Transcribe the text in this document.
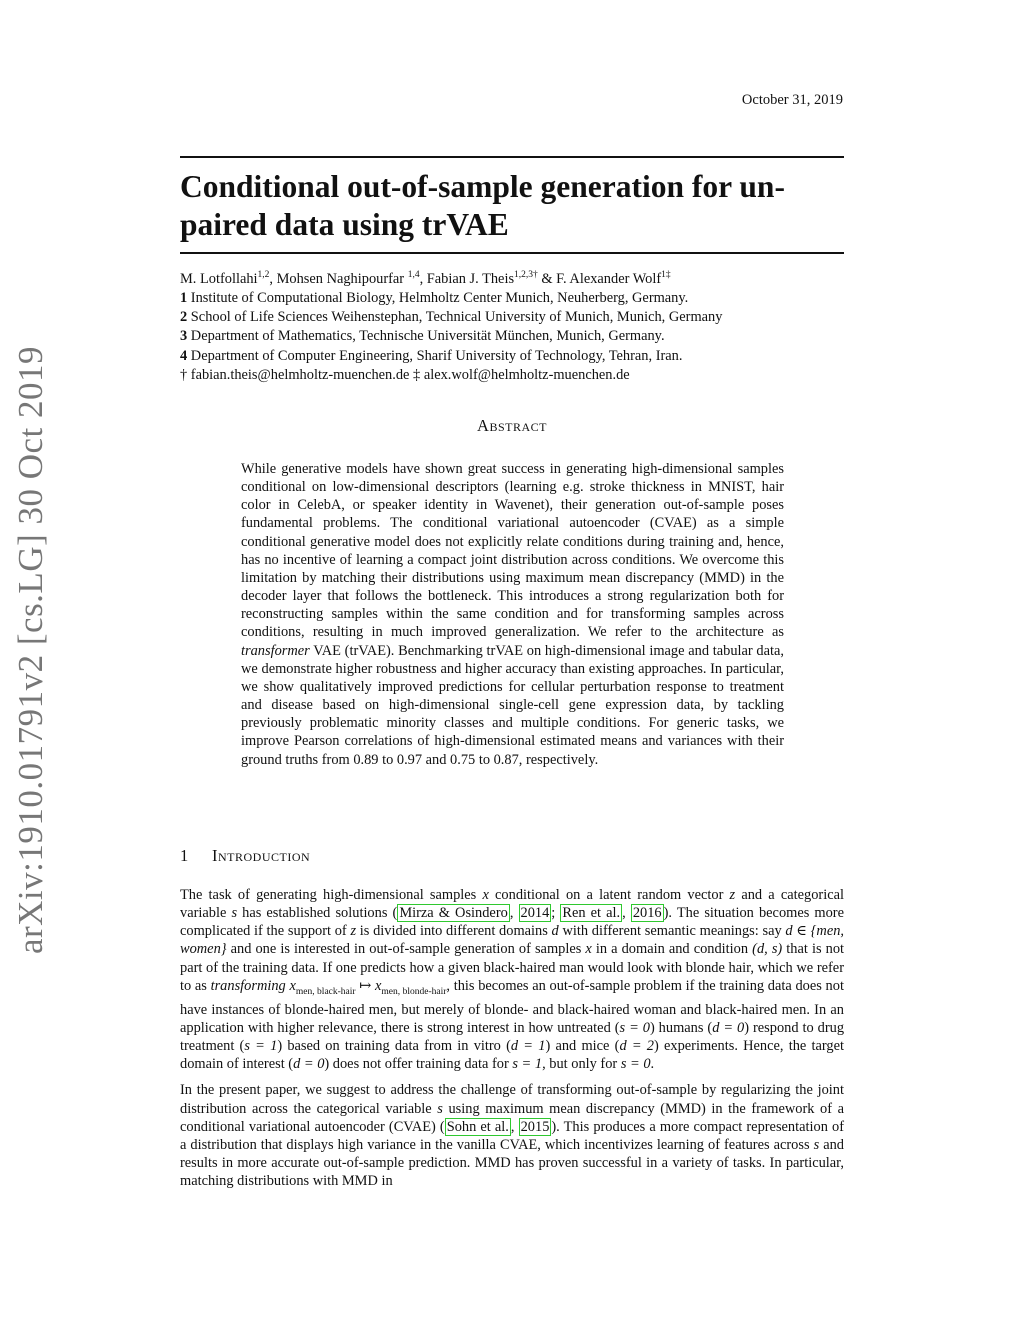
October 31, 2019
arXiv:1910.01791v2 [cs.LG] 30 Oct 2019
Conditional out-of-sample generation for un-
paired data using trVAE
M. Lotfollahi$^{1,2}$, Mohsen Naghipourfar $^{1,4}$, Fabian J. Theis$^{1,2,3\dagger}$ & F. Alexander Wolf$^{1\ddagger}$
1 Institute of Computational Biology, Helmholtz Center Munich, Neuherberg, Germany.
2 School of Life Sciences Weihenstephan, Technical University of Munich, Munich, Germany
3 Department of Mathematics, Technische Universität München, Munich, Germany.
4 Department of Computer Engineering, Sharif University of Technology, Tehran, Iran.
† fabian.theis@helmholtz-muenchen.de ‡ alex.wolf@helmholtz-muenchen.de
Abstract
While generative models have shown great success in generating high-dimensional samples conditional on low-dimensional descriptors (learning e.g. stroke thickness in MNIST, hair color in CelebA, or speaker identity in Wavenet), their generation out-of-sample poses fundamental problems. The conditional variational autoencoder (CVAE) as a simple conditional generative model does not explicitly relate conditions during training and, hence, has no incentive of learning a compact joint distribution across conditions. We overcome this limitation by matching their distributions using maximum mean discrepancy (MMD) in the decoder layer that follows the bottleneck. This introduces a strong regularization both for reconstructing samples within the same condition and for transforming samples across conditions, resulting in much improved generalization. We refer to the architecture as transformer VAE (trVAE). Benchmarking trVAE on high-dimensional image and tabular data, we demonstrate higher robustness and higher accuracy than existing approaches. In particular, we show qualitatively improved predictions for cellular perturbation response to treatment and disease based on high-dimensional single-cell gene expression data, by tackling previously problematic minority classes and multiple conditions. For generic tasks, we improve Pearson correlations of high-dimensional estimated means and variances with their ground truths from 0.89 to 0.97 and 0.75 to 0.87, respectively.
1 Introduction

The task of generating high-dimensional samples x conditional on a latent random vector z and a categorical variable s has established solutions ( Mirza & Osindero , 2014 ; Ren et al. , 2016 ). The situation becomes more complicated if the support of z is divided into different domains d with different semantic meanings: say d ∈ {men, women} and one is interested in out-of-sample generation of samples x in a domain and condition (d, s) that is not part of the training data. If one predicts how a given black-haired man would look with blonde hair, which we refer to as transforming $x_{men, black-hair}$ ↦ $x_{men, blonde-hair}$, this becomes an out-of-sample problem if the training data does not have instances of blonde-haired men, but merely of blonde- and black-haired woman and black-haired men. In an application with higher relevance, there is strong interest in how untreated (s = 0) humans (d = 0) respond to drug treatment (s = 1) based on training data from in vitro (d = 1) and mice (d = 2) experiments. Hence, the target domain of interest (d = 0) does not offer training data for s = 1, but only for s = 0.

In the present paper, we suggest to address the challenge of transforming out-of-sample by regularizing the joint distribution across the categorical variable s using maximum mean discrepancy (MMD) in the framework of a conditional variational autoencoder (CVAE) ( Sohn et al. , 2015 ). This produces a more compact representation of a distribution that displays high variance in the vanilla CVAE, which incentivizes learning of features across s and results in more accurate out-of-sample prediction. MMD has proven successful in a variety of tasks. In particular, matching distributions with MMD in
